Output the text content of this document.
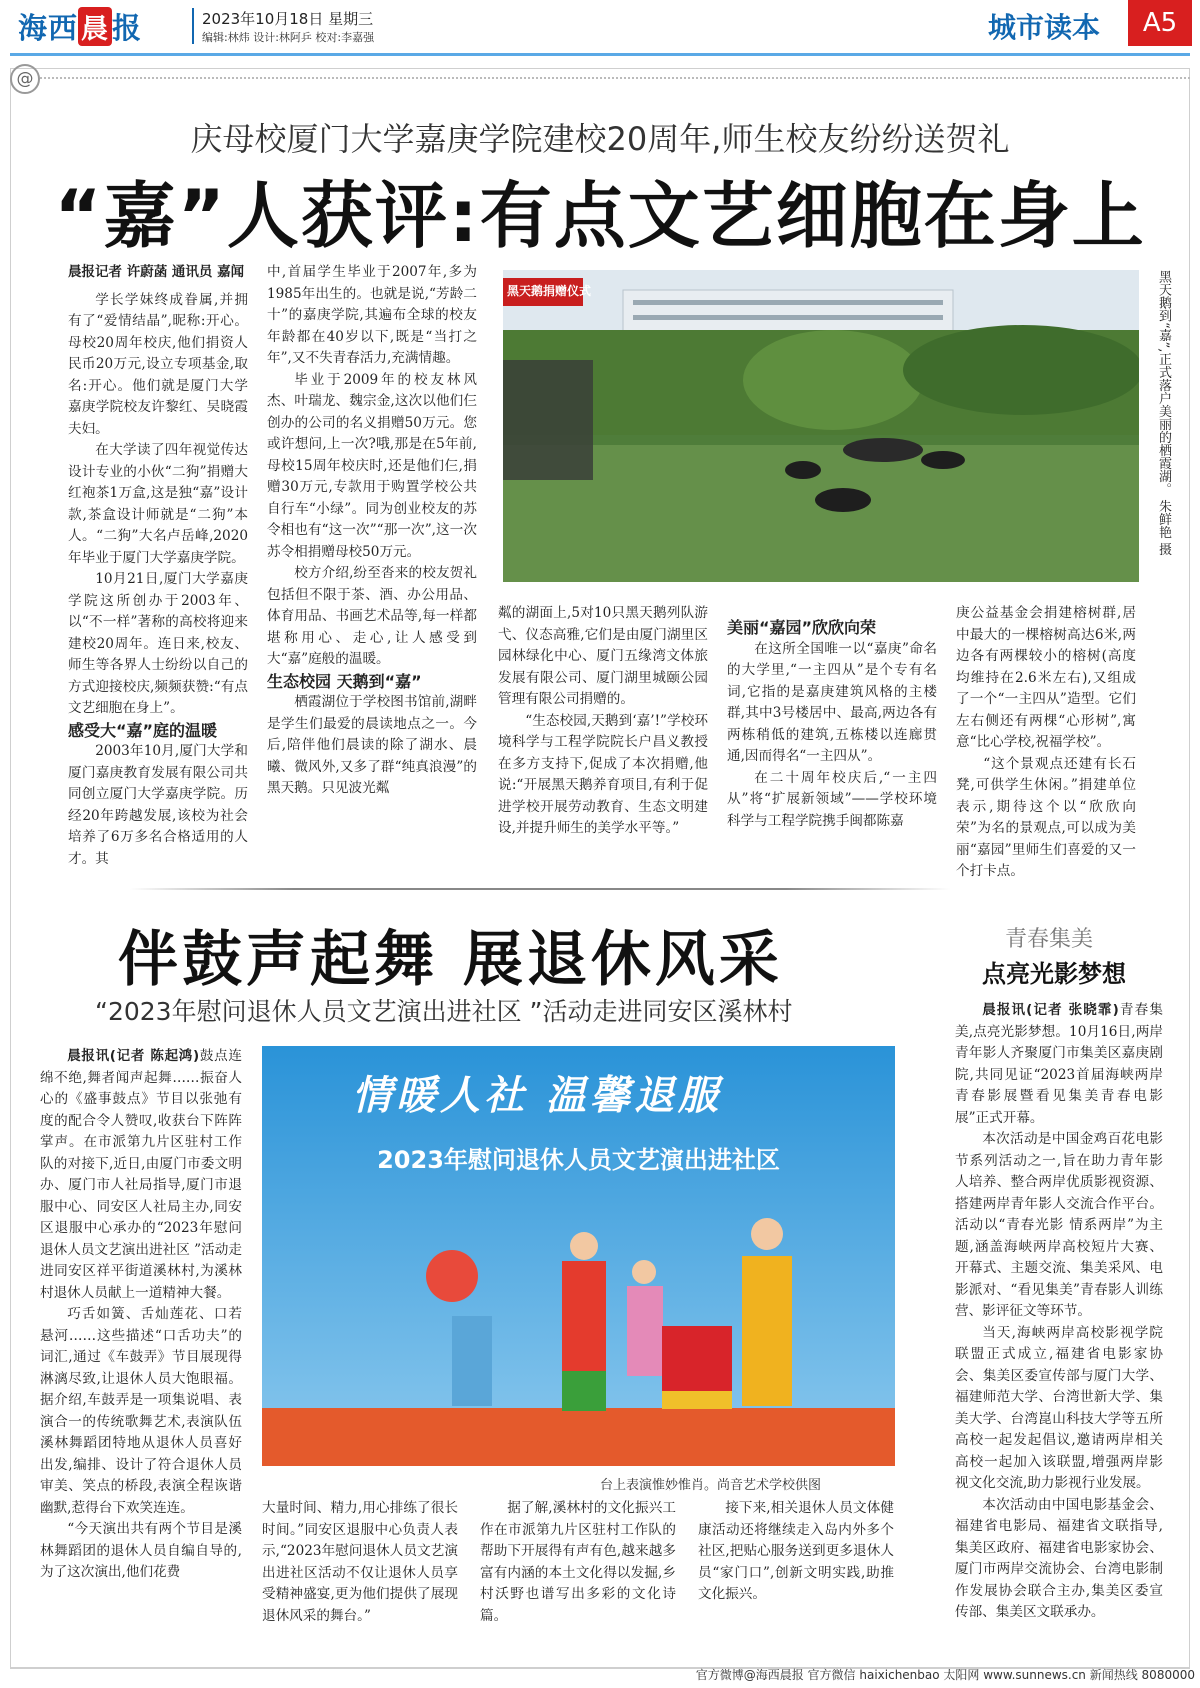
海西 晨 报	2023年10月18日 星期三
编辑:林炜 设计:林阿乒 校对:李嘉强	城市读本	A5
@
庆母校厦门大学嘉庚学院建校20周年,师生校友纷纷送贺礼
“嘉”人获评:有点文艺细胞在身上

晨报记者 许蔚菡 通讯员 嘉闻

学长学妹终成眷属,并拥有了“爱情结晶”,昵称:开心。母校20周年校庆,他们捐资人民币20万元,设立专项基金,取名:开心。他们就是厦门大学嘉庚学院校友许黎红、吴晓霞夫妇。

在大学读了四年视觉传达设计专业的小伙“二狗”捐赠大红袍茶1万盒,这是独“嘉”设计款,茶盒设计师就是“二狗”本人。“二狗”大名卢岳峰,2020年毕业于厦门大学嘉庚学院。

10月21日,厦门大学嘉庚学院这所创办于2003年、以“不一样”著称的高校将迎来建校20周年。连日来,校友、师生等各界人士纷纷以自己的方式迎接校庆,频频获赞:“有点文艺细胞在身上”。

感受大“嘉”庭的温暖

2003年10月,厦门大学和厦门嘉庚教育发展有限公司共同创立厦门大学嘉庚学院。历经20年跨越发展,该校为社会培养了6万多名合格适用的人才。其

中,首届学生毕业于2007年,多为1985年出生的。也就是说,“芳龄二十”的嘉庚学院,其遍布全球的校友年龄都在40岁以下,既是“当打之年”,又不失青春活力,充满情趣。

毕业于2009年的校友林风杰、叶瑞龙、魏宗金,这次以他们仨创办的公司的名义捐赠50万元。您或许想问,上一次?哦,那是在5年前,母校15周年校庆时,还是他们仨,捐赠30万元,专款用于购置学校公共自行车“小绿”。同为创业校友的苏令相也有“这一次”“那一次”,这一次苏令相捐赠母校50万元。

校方介绍,纷至沓来的校友贺礼包括但不限于茶、酒、办公用品、体育用品、书画艺术品等,每一样都堪称用心、走心,让人感受到大“嘉”庭般的温暖。

生态校园 天鹅到“嘉”

栖霞湖位于学校图书馆前,湖畔是学生们最爱的晨读地点之一。今后,陪伴他们晨读的除了湖水、晨曦、微风外,又多了群“纯真浪漫”的黑天鹅。只见波光粼

黑天鹅捐赠仪式	黑天鹅到“嘉”,正式落户美丽的栖霞湖。 朱鲜艳 摄

粼的湖面上,5对10只黑天鹅列队游弋、仪态高雅,它们是由厦门湖里区园林绿化中心、厦门五缘湾文体旅发展有限公司、厦门湖里城颐公园管理有限公司捐赠的。

“生态校园,天鹅到‘嘉’!”学校环境科学与工程学院院长户昌义教授在多方支持下,促成了本次捐赠,他说:“开展黑天鹅养育项目,有利于促进学校开展劳动教育、生态文明建设,并提升师生的美学水平等。”

美丽“嘉园”欣欣向荣

在这所全国唯一以“嘉庚”命名的大学里,“一主四从”是个专有名词,它指的是嘉庚建筑风格的主楼群,其中3号楼居中、最高,两边各有两栋稍低的建筑,五栋楼以连廊贯通,因而得名“一主四从”。

在二十周年校庆后,“一主四从”将“扩展新领域”——学校环境科学与工程学院携手闽都陈嘉

庚公益基金会捐建榕树群,居中最大的一棵榕树高达6米,两边各有两棵较小的榕树(高度均维持在2.6米左右),又组成了一个“一主四从”造型。它们左右侧还有两棵“心形树”,寓意“比心学校,祝福学校”。

“这个景观点还建有长石凳,可供学生休闲。”捐建单位表示,期待这个以“欣欣向荣”为名的景观点,可以成为美丽“嘉园”里师生们喜爱的又一个打卡点。

伴鼓声起舞 展退休风采
“2023年慰问退休人员文艺演出进社区 ”活动走进同安区溪林村

晨报讯(记者 陈起鸿)鼓点连绵不绝,舞者闻声起舞……振奋人心的《盛事鼓点》节目以张弛有度的配合令人赞叹,收获台下阵阵掌声。在市派第九片区驻村工作队的对接下,近日,由厦门市委文明办、厦门市人社局指导,厦门市退服中心、同安区人社局主办,同安区退服中心承办的“2023年慰问退休人员文艺演出进社区 ”活动走进同安区祥平街道溪林村,为溪林村退休人员献上一道精神大餐。

巧舌如簧、舌灿莲花、口若悬河……这些描述“口舌功夫”的词汇,通过《车鼓弄》节目展现得淋漓尽致,让退休人员大饱眼福。据介绍,车鼓弄是一项集说唱、表演合一的传统歌舞艺术,表演队伍溪林舞蹈团特地从退休人员喜好出发,编排、设计了符合退休人员审美、笑点的桥段,表演全程诙谐幽默,惹得台下欢笑连连。

“今天演出共有两个节目是溪林舞蹈团的退休人员自编自导的,为了这次演出,他们花费

情暖人社 温馨退服
2023年慰问退休人员文艺演出进社区
台上表演惟妙惟肖。尚音艺术学校供图

大量时间、精力,用心排练了很长时间。”同安区退服中心负责人表示,“2023年慰问退休人员文艺演出进社区活动不仅让退休人员享受精神盛宴,更为他们提供了展现退休风采的舞台。”

据了解,溪林村的文化振兴工作在市派第九片区驻村工作队的帮助下开展得有声有色,越来越多富有内涵的本土文化得以发掘,乡村沃野也谱写出多彩的文化诗篇。

接下来,相关退休人员文体健康活动还将继续走入岛内外多个社区,把贴心服务送到更多退休人员“家门口”,创新文明实践,助推文化振兴。

青春集美
点亮光影梦想

晨报讯(记者 张晓霏)青春集美,点亮光影梦想。10月16日,两岸青年影人齐聚厦门市集美区嘉庚剧院,共同见证“2023首届海峡两岸青春影展暨看见集美青春电影展”正式开幕。

本次活动是中国金鸡百花电影节系列活动之一,旨在助力青年影人培养、整合两岸优质影视资源、搭建两岸青年影人交流合作平台。活动以“青春光影 情系两岸”为主题,涵盖海峡两岸高校短片大赛、开幕式、主题交流、集美采风、电影派对、“看见集美”青春影人训练营、影评征文等环节。

当天,海峡两岸高校影视学院联盟正式成立,福建省电影家协会、集美区委宣传部与厦门大学、福建师范大学、台湾世新大学、集美大学、台湾崑山科技大学等五所高校一起发起倡议,邀请两岸相关高校一起加入该联盟,增强两岸影视文化交流,助力影视行业发展。

本次活动由中国电影基金会、福建省电影局、福建省文联指导,集美区政府、福建省电影家协会、厦门市两岸交流协会、台湾电影制作发展协会联合主办,集美区委宣传部、集美区文联承办。

官方微博@海西晨报 官方微信 haixichenbao 太阳网 www.sunnews.cn 新闻热线 8080000
